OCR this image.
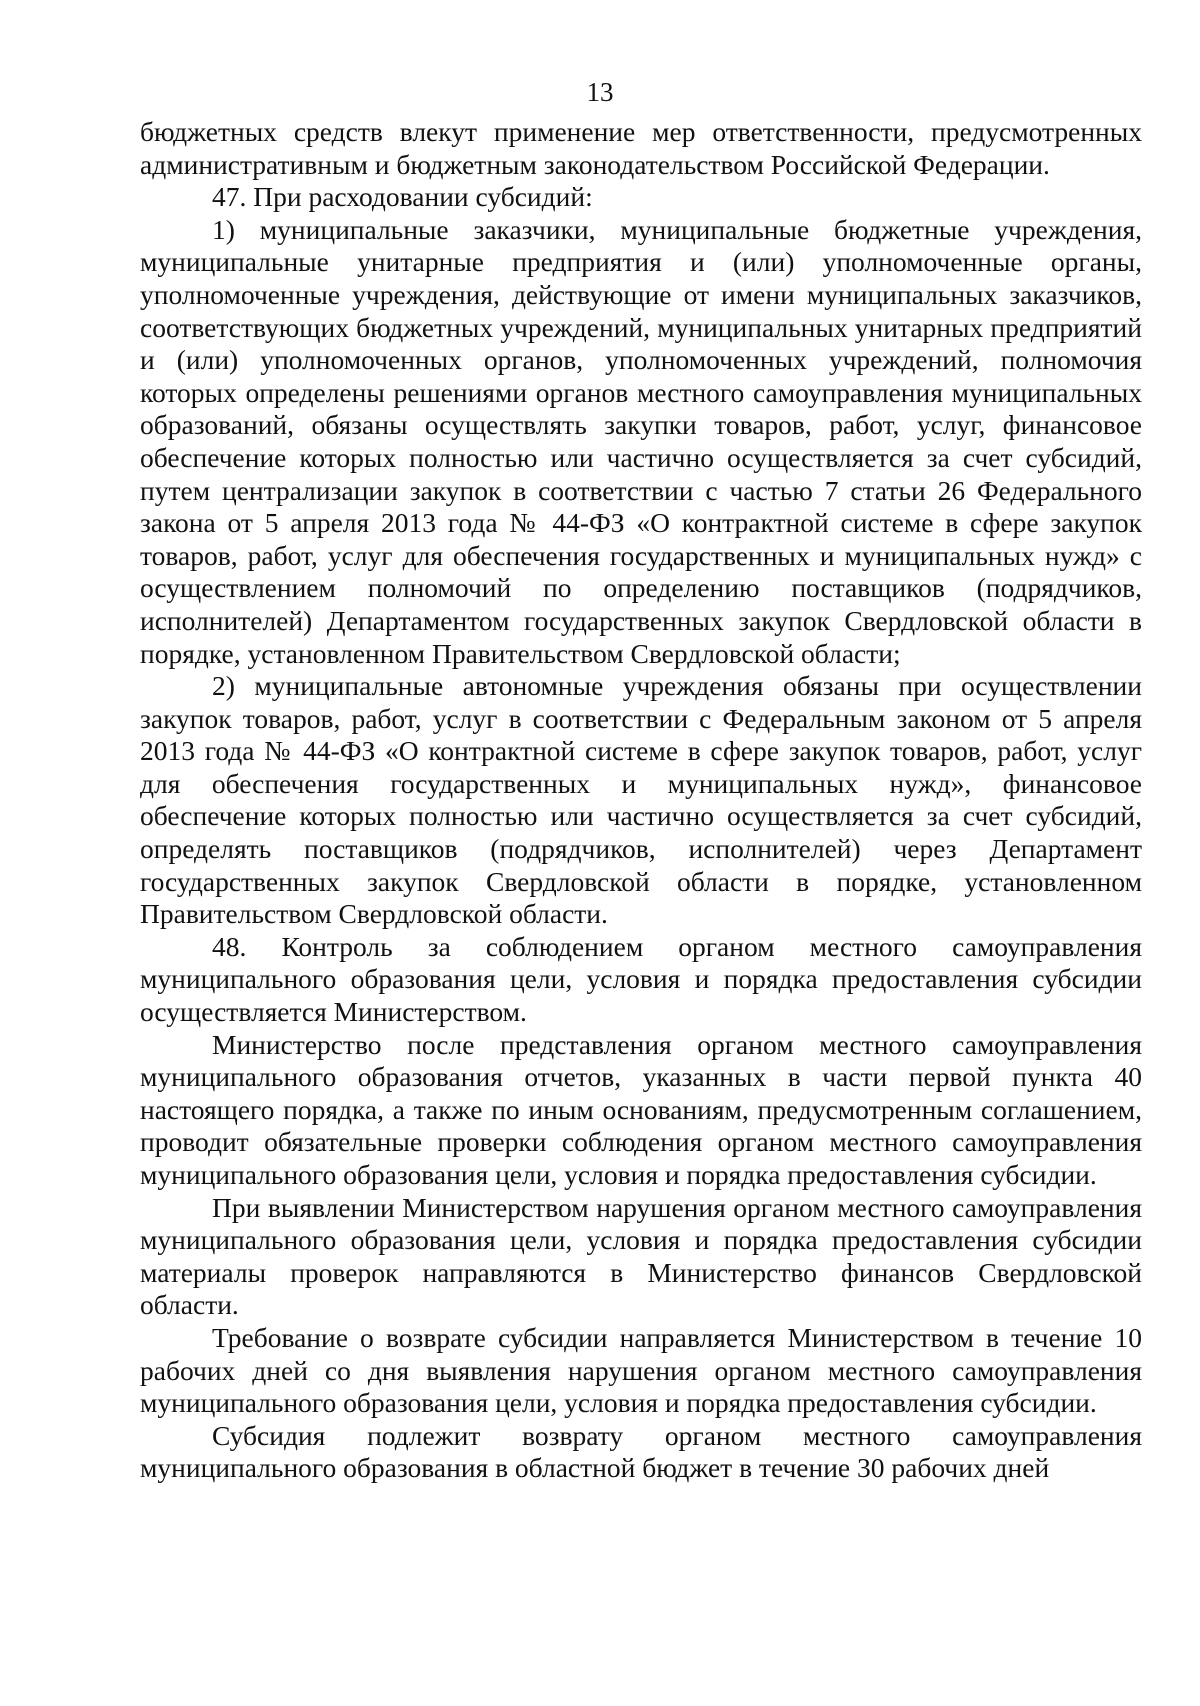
13

бюджетных средств влекут применение мер ответственности, предусмотренных административным и бюджетным законодательством Российской Федерации.

47. При расходовании субсидий:

1) муниципальные заказчики, муниципальные бюджетные учреждения, муниципальные унитарные предприятия и (или) уполномоченные органы, уполномоченные учреждения, действующие от имени муниципальных заказчиков, соответствующих бюджетных учреждений, муниципальных унитарных предприятий и (или) уполномоченных органов, уполномоченных учреждений, полномочия которых определены решениями органов местного самоуправления муниципальных образований, обязаны осуществлять закупки товаров, работ, услуг, финансовое обеспечение которых полностью или частично осуществляется за счет субсидий, путем централизации закупок в соответствии с частью 7 статьи 26 Федерального закона от 5 апреля 2013 года № 44-ФЗ «О контрактной системе в сфере закупок товаров, работ, услуг для обеспечения государственных и муниципальных нужд» с осуществлением полномочий по определению поставщиков (подрядчиков, исполнителей) Департаментом государственных закупок Свердловской области в порядке, установленном Правительством Свердловской области;

2) муниципальные автономные учреждения обязаны при осуществлении закупок товаров, работ, услуг в соответствии с Федеральным законом от 5 апреля 2013 года № 44-ФЗ «О контрактной системе в сфере закупок товаров, работ, услуг для обеспечения государственных и муниципальных нужд», финансовое обеспечение которых полностью или частично осуществляется за счет субсидий, определять поставщиков (подрядчиков, исполнителей) через Департамент государственных закупок Свердловской области в порядке, установленном Правительством Свердловской области.

48. Контроль за соблюдением органом местного самоуправления муниципального образования цели, условия и порядка предоставления субсидии осуществляется Министерством.

Министерство после представления органом местного самоуправления муниципального образования отчетов, указанных в части первой пункта 40 настоящего порядка, а также по иным основаниям, предусмотренным соглашением, проводит обязательные проверки соблюдения органом местного самоуправления муниципального образования цели, условия и порядка предоставления субсидии.

При выявлении Министерством нарушения органом местного самоуправления муниципального образования цели, условия и порядка предоставления субсидии материалы проверок направляются в Министерство финансов Свердловской области.

Требование о возврате субсидии направляется Министерством в течение 10 рабочих дней со дня выявления нарушения органом местного самоуправления муниципального образования цели, условия и порядка предоставления субсидии.

Субсидия подлежит возврату органом местного самоуправления муниципального образования в областной бюджет в течение 30 рабочих дней
